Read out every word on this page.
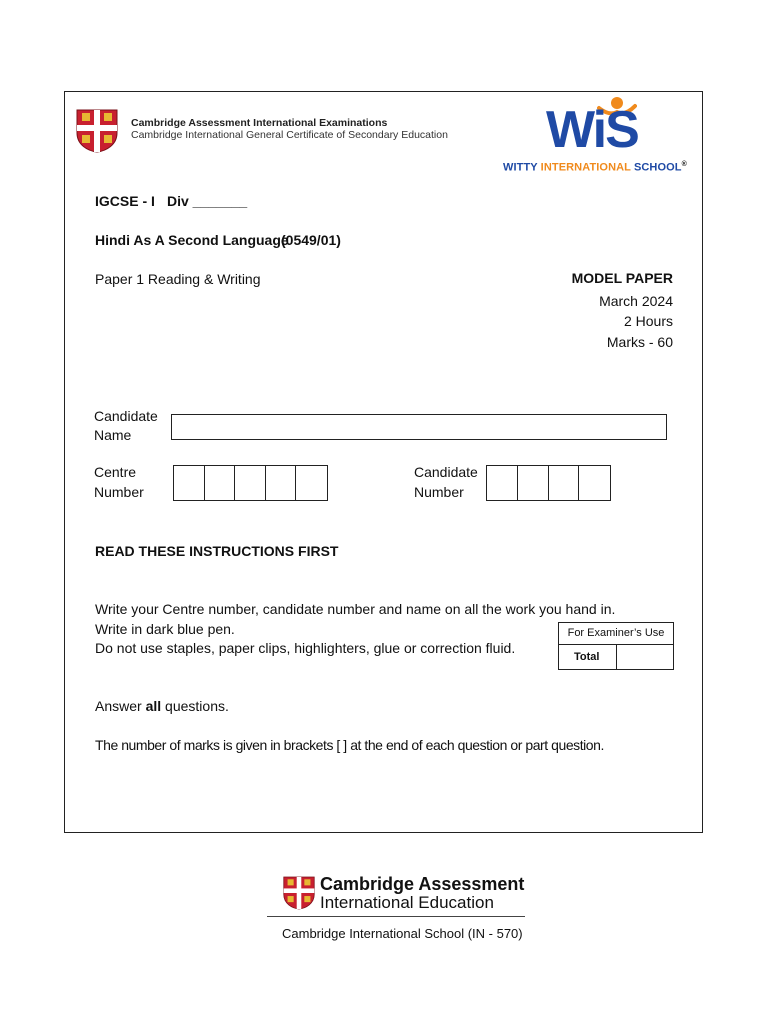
Cambridge Assessment International Examinations
Cambridge International General Certificate of Secondary Education WiS
WITTY INTERNATIONAL SCHOOL®
IGCSE - I Div _______
Hindi As A Second Language
(0549/01)
Paper 1 Reading & Writing	MODEL PAPER
March 2024
2 Hours
Marks - 60
Candidate
Name
Centre
Number
Candidate
Number
READ THESE INSTRUCTIONS FIRST
Write your Centre number, candidate number and name on all the work you hand in.
Write in dark blue pen.
Do not use staples, paper clips, highlighters, glue or correction fluid.
Answer all questions.
The number of marks is given in brackets [ ] at the end of each question or part question.
For Examiner’s Use
Total
Cambridge Assessment
International Education
Cambridge International School (IN - 570)
